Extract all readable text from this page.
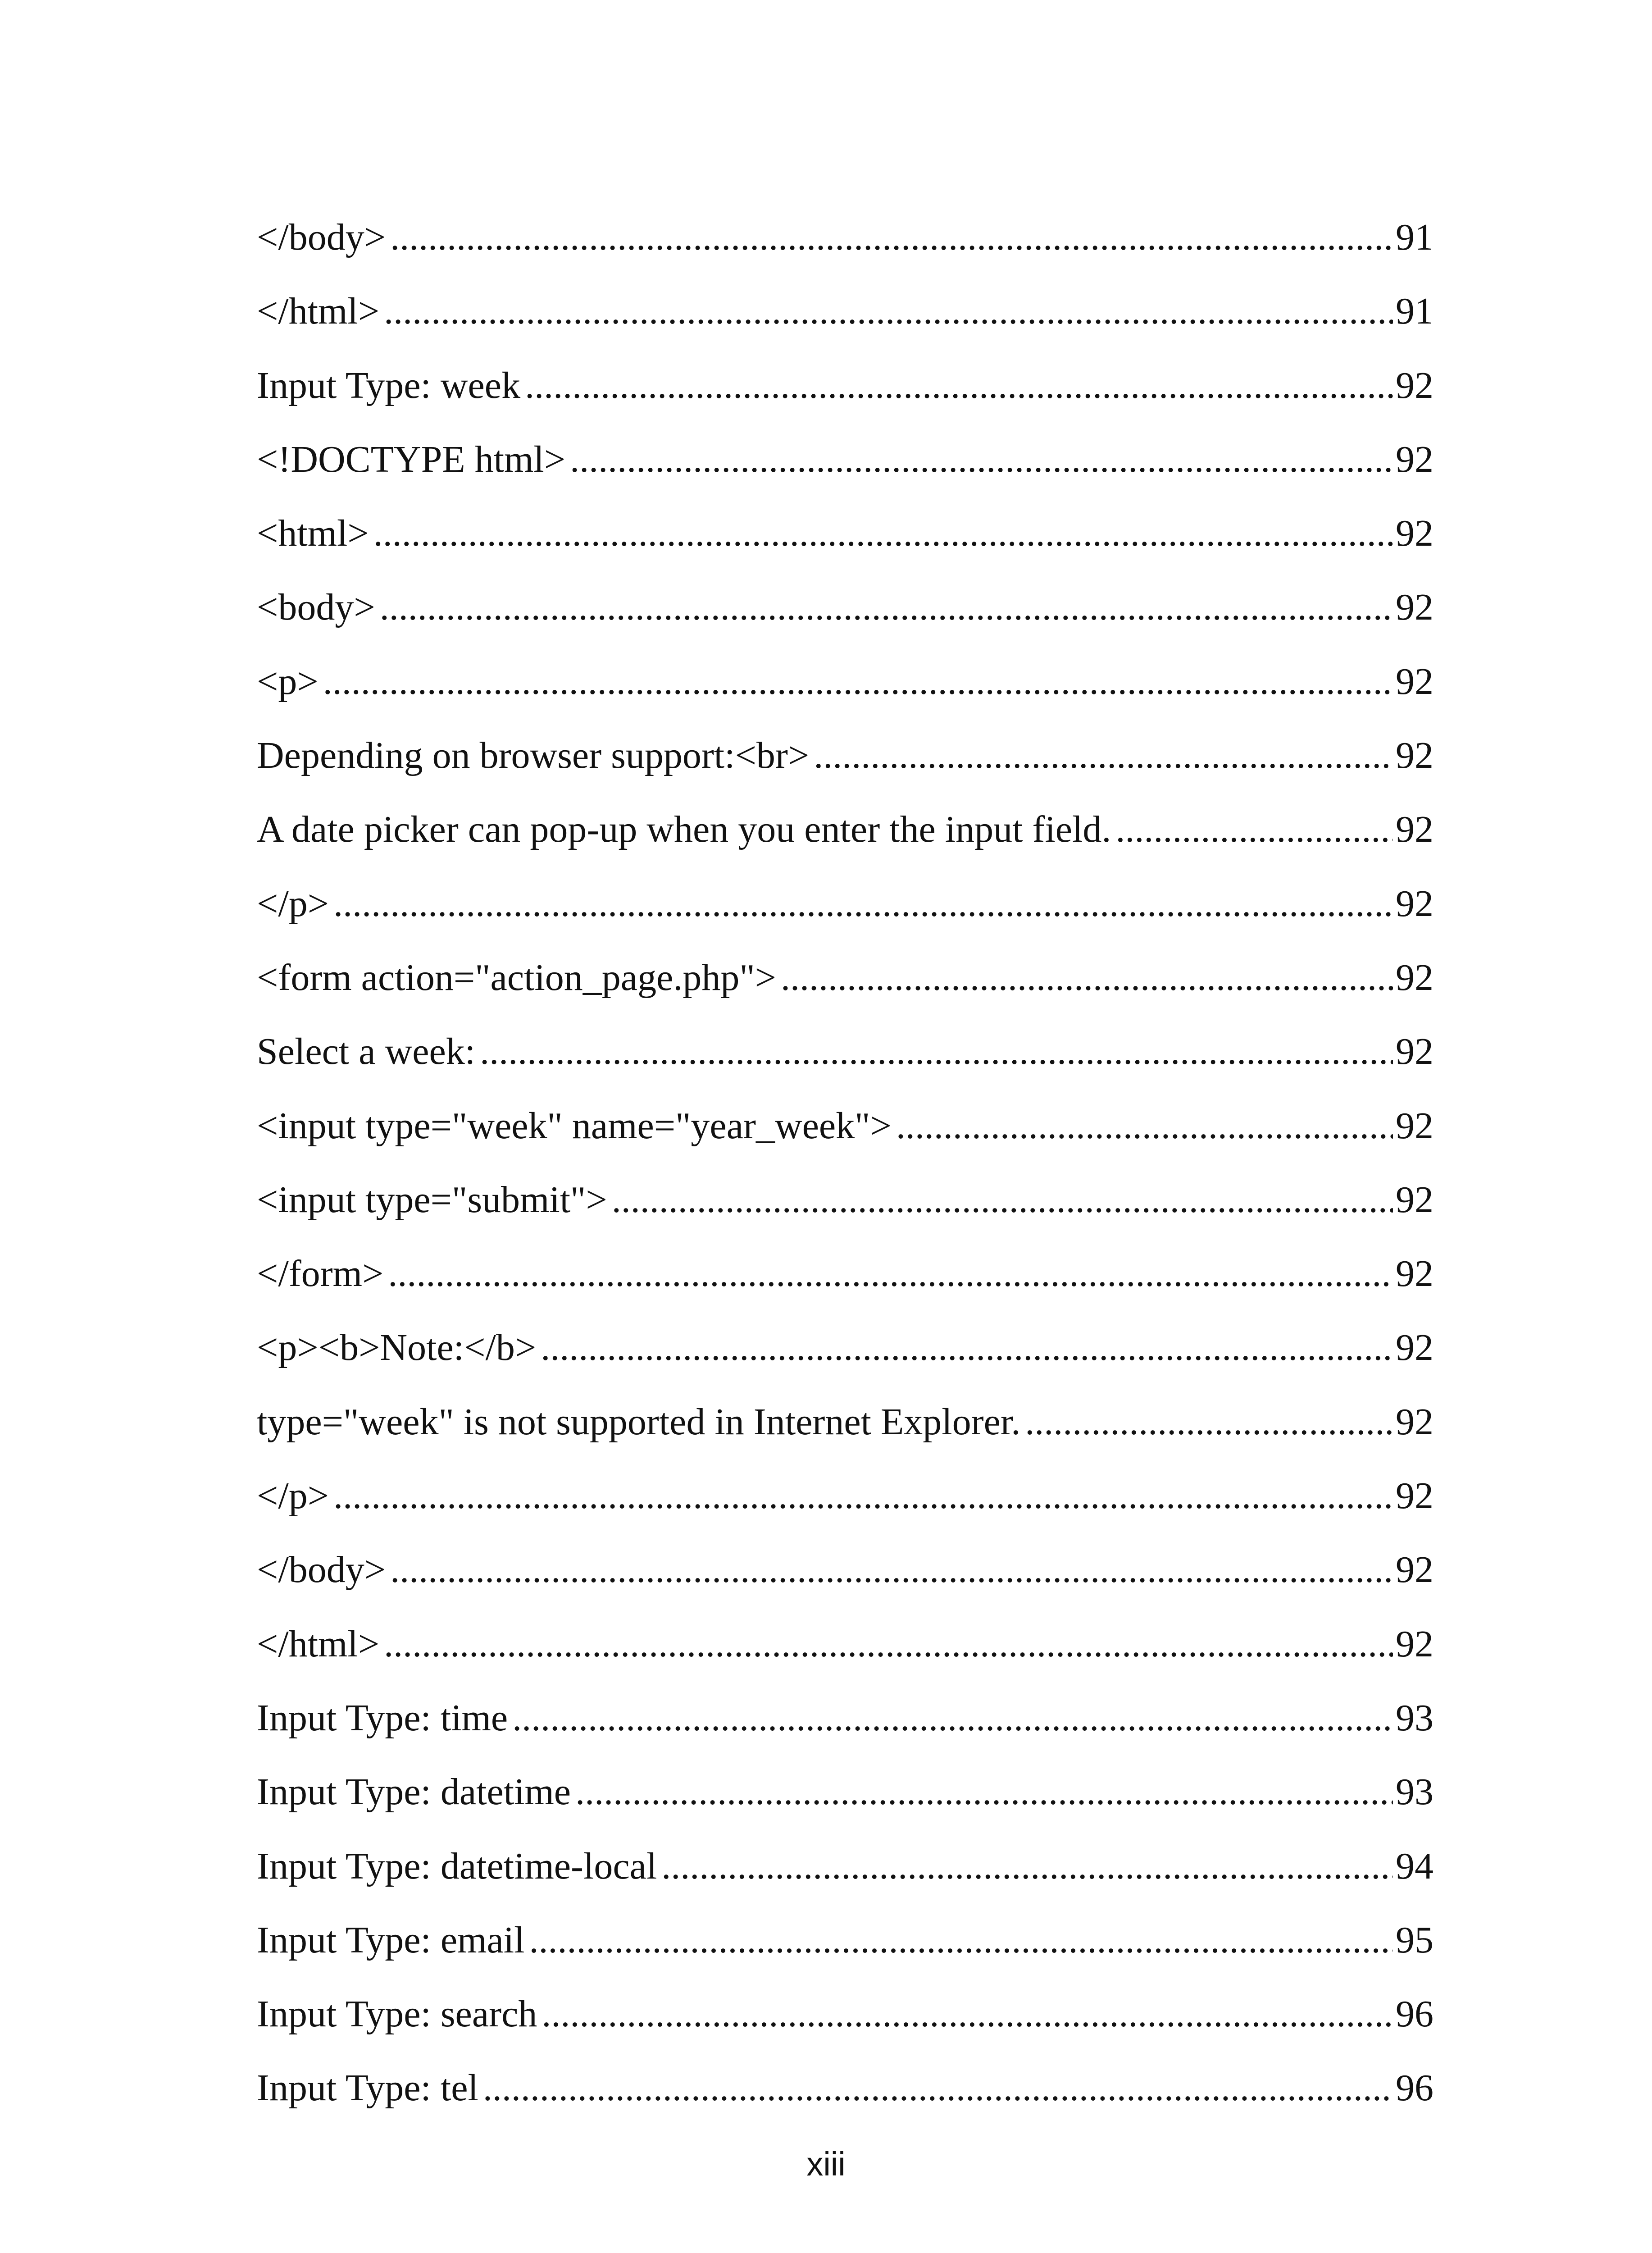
</body> .....	91
</html> .....	91
Input Type: week .....	92
<!DOCTYPE html> .....	92
<html> .....	92
<body> .....	92
<p> .....	92
Depending on browser support:<br> .....	92
A date picker can pop-up when you enter the input field. .....	92
</p> .....	92
<form action="action_page.php"> .....	92
Select a week: .....	92
<input type="week" name="year_week"> .....	92
<input type="submit"> .....	92
</form> .....	92
<p><b>Note:</b> .....	92
type="week" is not supported in Internet Explorer. .....	92
</p> .....	92
</body> .....	92
</html> .....	92
Input Type: time .....	93
Input Type: datetime .....	93
Input Type: datetime-local .....	94
Input Type: email .....	95
Input Type: search .....	96
Input Type: tel .....	96
xiii
